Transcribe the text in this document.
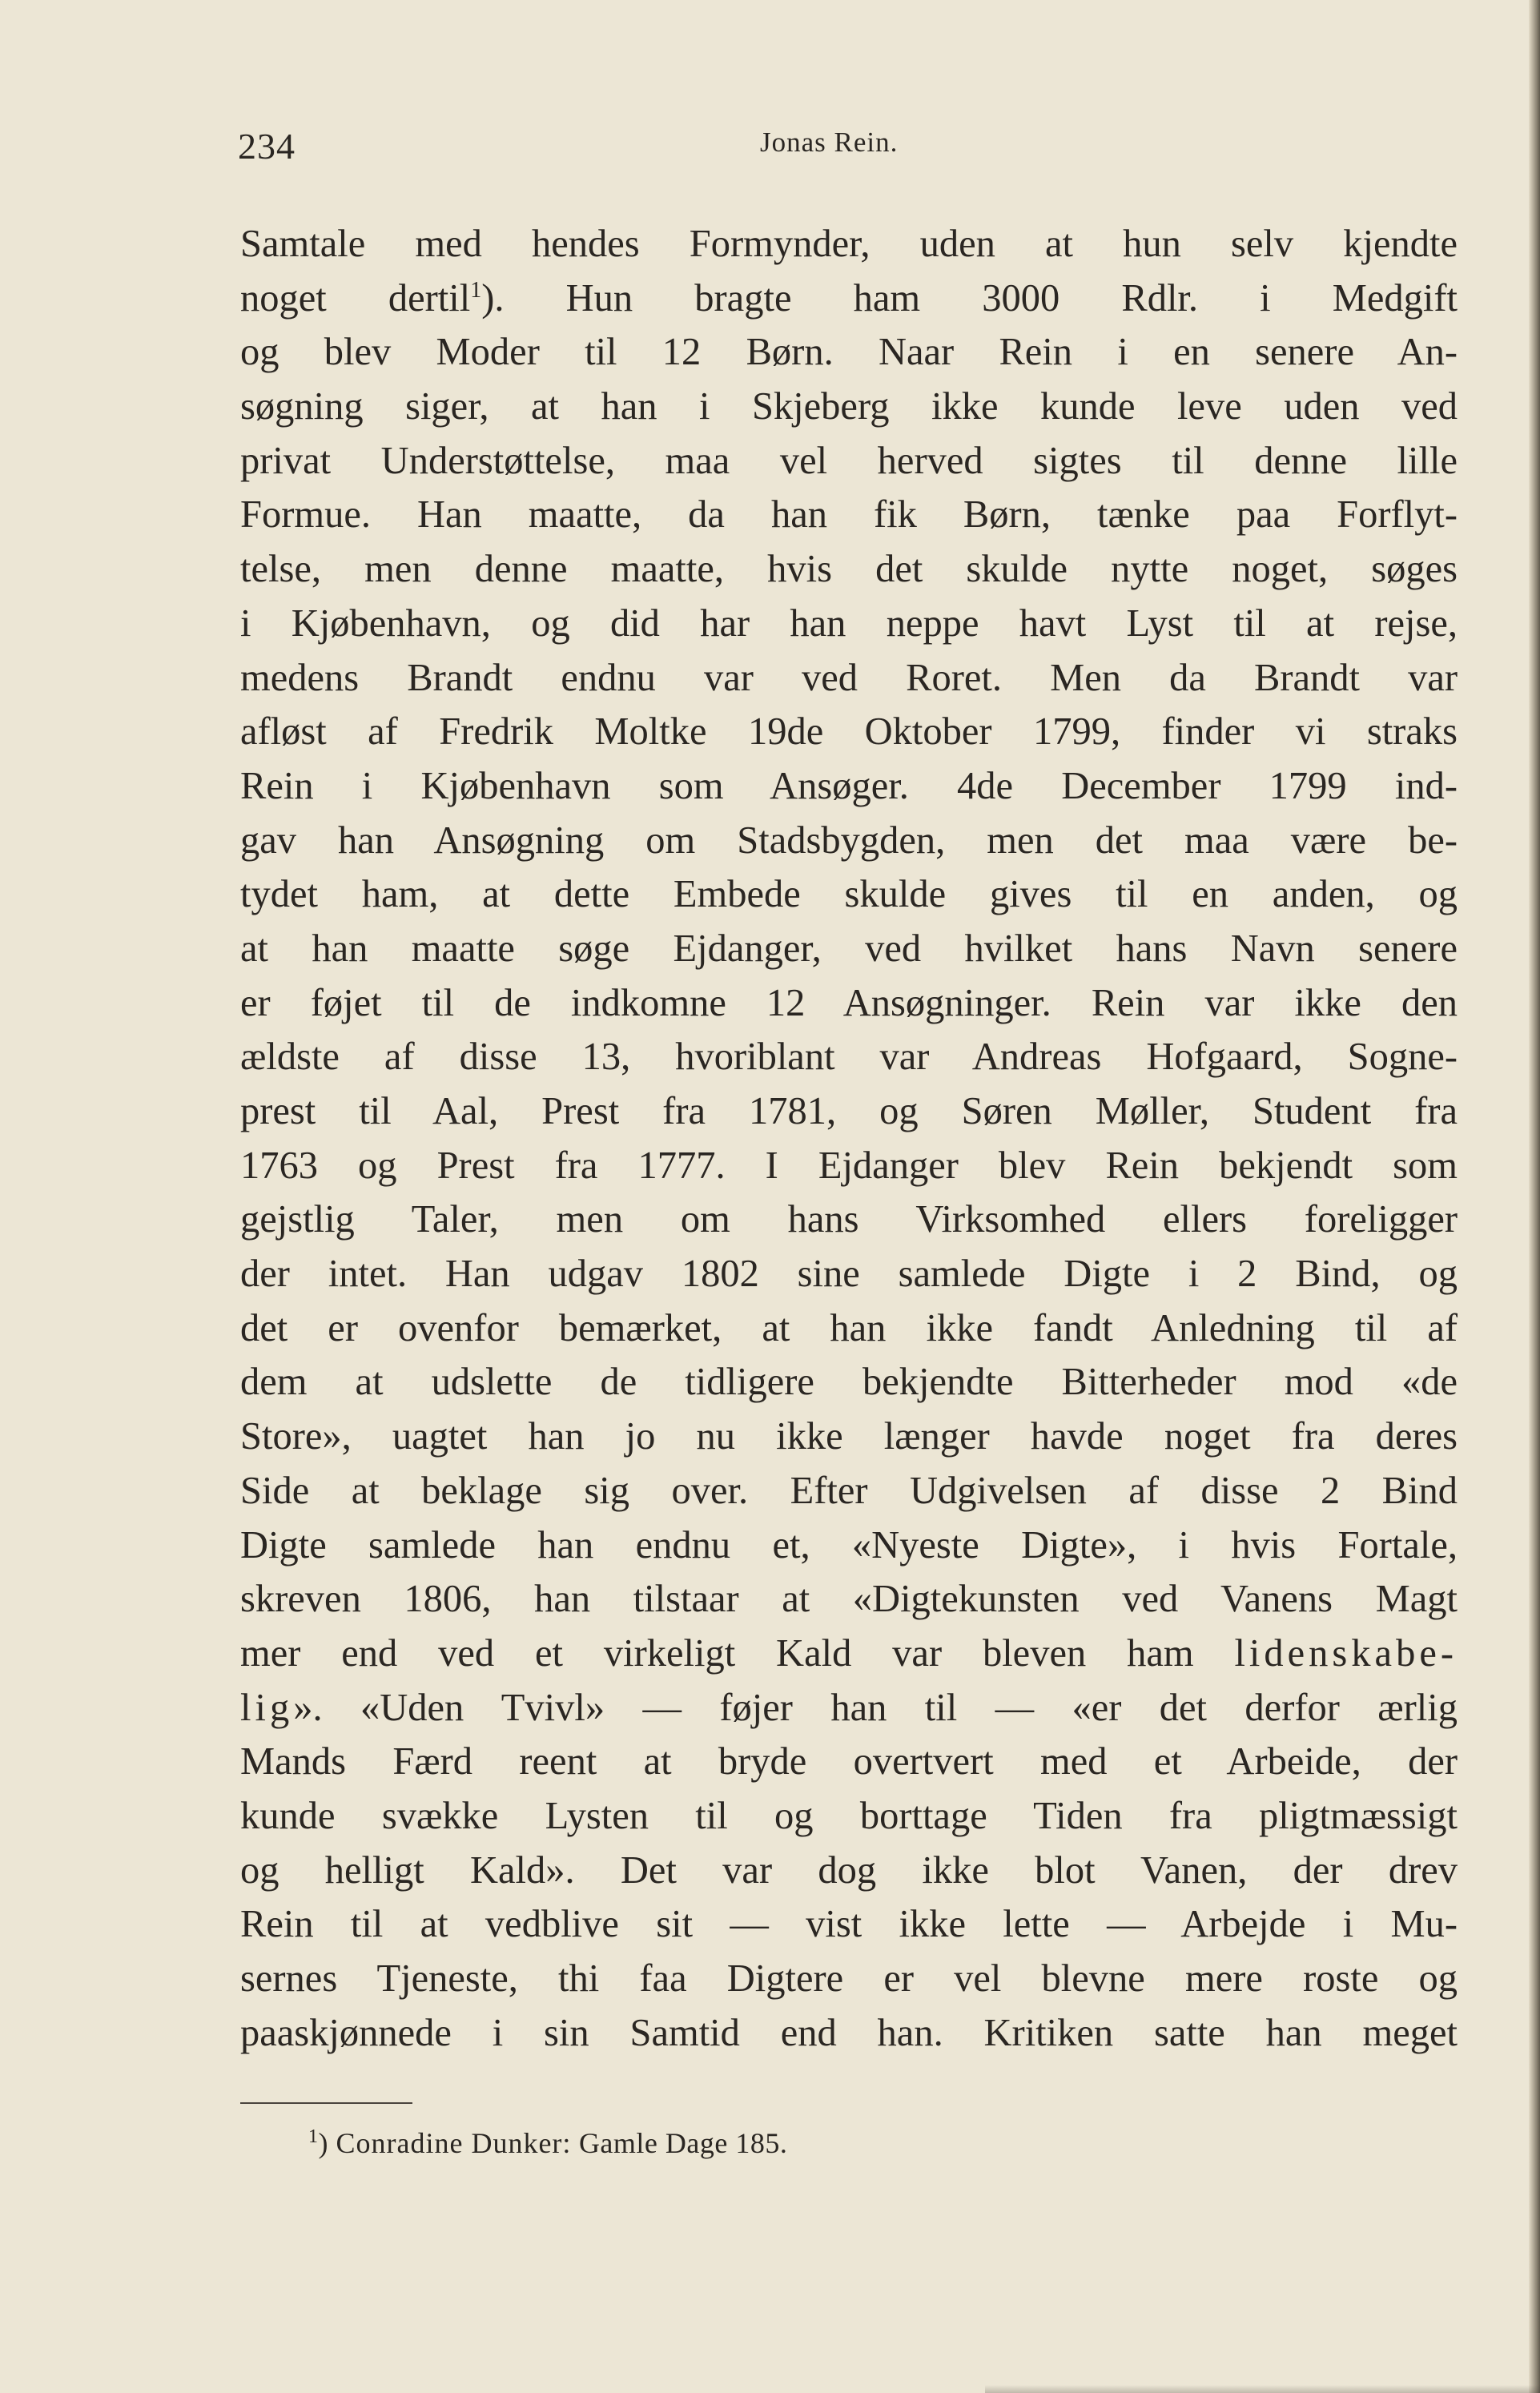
234	Jonas Rein.
Samtale med hendes Formynder, uden at hun selv kjendte
noget dertil$^1$). Hun bragte ham 3000 Rdlr. i Medgift
og blev Moder til 12 Børn. Naar Rein i en senere An-
søgning siger, at han i Skjeberg ikke kunde leve uden ved
privat Understøttelse, maa vel herved sigtes til denne lille
Formue. Han maatte, da han fik Børn, tænke paa Forflyt-
telse, men denne maatte, hvis det skulde nytte noget, søges
i Kjøbenhavn, og did har han neppe havt Lyst til at rejse,
medens Brandt endnu var ved Roret. Men da Brandt var
afløst af Fredrik Moltke 19de Oktober 1799, finder vi straks
Rein i Kjøbenhavn som Ansøger. 4de December 1799 ind-
gav han Ansøgning om Stadsbygden, men det maa være be-
tydet ham, at dette Embede skulde gives til en anden, og
at han maatte søge Ejdanger, ved hvilket hans Navn senere
er føjet til de indkomne 12 Ansøgninger. Rein var ikke den
ældste af disse 13, hvoriblant var Andreas Hofgaard, Sogne-
prest til Aal, Prest fra 1781, og Søren Møller, Student fra
1763 og Prest fra 1777. I Ejdanger blev Rein bekjendt som
gejstlig Taler, men om hans Virksomhed ellers foreligger
der intet. Han udgav 1802 sine samlede Digte i 2 Bind, og
det er ovenfor bemærket, at han ikke fandt Anledning til af
dem at udslette de tidligere bekjendte Bitterheder mod «de
Store», uagtet han jo nu ikke længer havde noget fra deres
Side at beklage sig over. Efter Udgivelsen af disse 2 Bind
Digte samlede han endnu et, «Nyeste Digte», i hvis Fortale,
skreven 1806, han tilstaar at «Digtekunsten ved Vanens Magt
mer end ved et virkeligt Kald var bleven ham lidenskabe-
lig». «Uden Tvivl» — føjer han til — «er det derfor ærlig
Mands Færd reent at bryde overtvert med et Arbeide, der
kunde svække Lysten til og borttage Tiden fra pligtmæssigt
og helligt Kald». Det var dog ikke blot Vanen, der drev
Rein til at vedblive sit — vist ikke lette — Arbejde i Mu-
sernes Tjeneste, thi faa Digtere er vel blevne mere roste og
paaskjønnede i sin Samtid end han. Kritiken satte han meget
$^1$) Conradine Dunker: Gamle Dage 185.
